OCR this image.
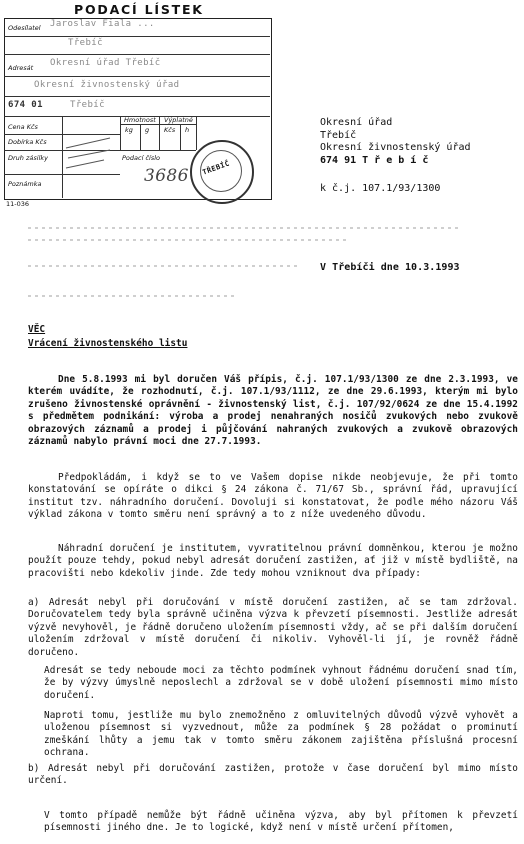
PODACÍ LÍSTEK
Odesílatel Jaroslav Fiala ...
Třebíč
Adresát Okresní úřad Třebíč
Okresní živnostenský úřad
674 01	Třebíč
Cena Kčs
Hmotnost Výplatné
kg g Kčs h
Dobírka Kčs
Druh zásilky	Podací číslo
3686
Poznámka
11-036
TŘEBÍČ
Okresní úřad
Třebíč
Okresní živnostenský úřad
674 91 T ř e b í č
k č.j. 107.1/93/1300
V Třebíči dne 10.3.1993
VĚC
Vrácení živnostenského listu
Dne 5.8.1993 mi byl doručen Váš přípis, č.j. 107.1/93/1300 ze dne 2.3.1993, ve kterém uvádíte, že rozhodnutí, č.j. 107.1/93/1112, ze dne 29.6.1993, kterým mi bylo zrušeno živnostenské oprávnění - živnostenský list, č.j. 107/92/0624 ze dne 15.4.1992 s předmětem podnikání: výroba a prodej nenahraných nosičů zvukových nebo zvukově obrazových záznamů a prodej i půjčování nahraných zvukových a zvukově obrazových záznamů nabylo právní moci dne 27.7.1993.
Předpokládám, i když se to ve Vašem dopise nikde neobjevuje, že při tomto konstatování se opíráte o dikci § 24 zákona č. 71/67 Sb., správní řád, upravující institut tzv. náhradního doručení. Dovoluji si konstatovat, že podle mého názoru Váš výklad zákona v tomto směru není správný a to z níže uvedeného důvodu.
Náhradní doručení je institutem, vyvratitelnou právní domněnkou, kterou je možno použít pouze tehdy, pokud nebyl adresát doručení zastižen, ať již v místě bydliště, na pracovišti nebo kdekoliv jinde. Zde tedy mohou vzniknout dva případy:
a) Adresát nebyl při doručování v místě doručení zastižen, ač se tam zdržoval. Doručovatelem tedy byla správně učiněna výzva k převzetí písemnosti. Jestliže adresát výzvě nevyhověl, je řádně doručeno uložením písemnosti vždy, ač se při dalším doručení uložením zdržoval v místě doručení či nikoliv. Vyhověl-li jí, je rovněž řádně doručeno.
Adresát se tedy neboude moci za těchto podmínek vyhnout řádnému doručení snad tím, že by výzvy úmyslně neposlechl a zdržoval se v době uložení písemnosti mimo místo doručení.
Naproti tomu, jestliže mu bylo znemožněno z omluvitelných důvodů výzvě vyhovět a uloženou písemnost si vyzvednout, může za podmínek § 28 požádat o prominutí zmeškání lhůty a jemu tak v tomto směru zákonem zajištěna příslušná procesní ochrana.
b) Adresát nebyl při doručování zastižen, protože v čase doručení byl mimo místo určení.
V tomto případě nemůže být řádně učiněna výzva, aby byl přítomen k převzetí písemnosti jiného dne. Je to logické, když není v místě určení přítomen,
